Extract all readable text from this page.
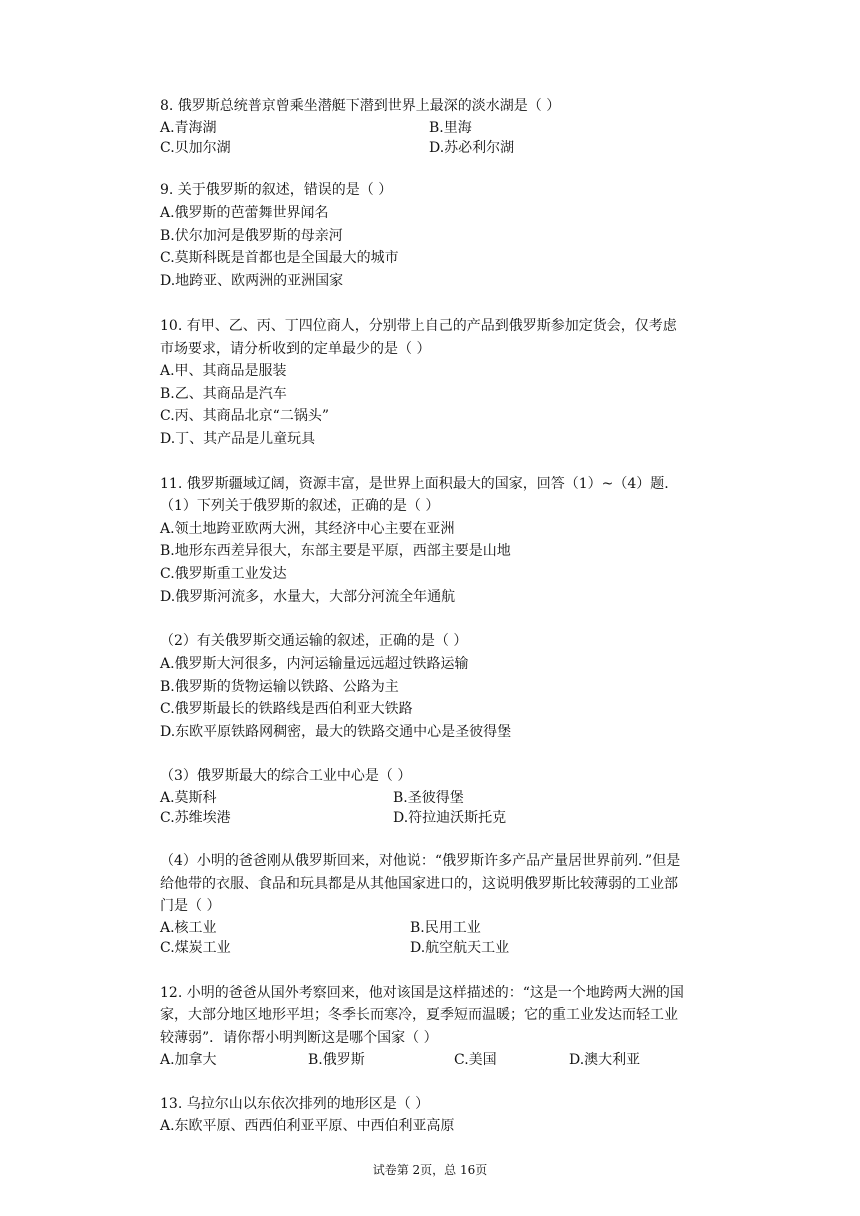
8. 俄罗斯总统普京曾乘坐潜艇下潜到世界上最深的淡水湖是（ ）
A.青海湖	B.里海
C.贝加尔湖	D.苏必利尔湖
9. 关于俄罗斯的叙述，错误的是（ ）
A.俄罗斯的芭蕾舞世界闻名
B.伏尔加河是俄罗斯的母亲河
C.莫斯科既是首都也是全国最大的城市
D.地跨亚、欧两洲的亚洲国家
10. 有甲、乙、丙、丁四位商人，分别带上自己的产品到俄罗斯参加定货会，仅考虑
市场要求，请分析收到的定单最少的是（ ）
A.甲、其商品是服装
B.乙、其商品是汽车
C.丙、其商品北京“二锅头”
D.丁、其产品是儿童玩具
11. 俄罗斯疆域辽阔，资源丰富，是世界上面积最大的国家，回答（1）~（4）题.
（1）下列关于俄罗斯的叙述，正确的是（ ）
A.领土地跨亚欧两大洲，其经济中心主要在亚洲
B.地形东西差异很大，东部主要是平原，西部主要是山地
C.俄罗斯重工业发达
D.俄罗斯河流多，水量大，大部分河流全年通航
（2）有关俄罗斯交通运输的叙述，正确的是（ ）
A.俄罗斯大河很多，内河运输量远远超过铁路运输
B.俄罗斯的货物运输以铁路、公路为主
C.俄罗斯最长的铁路线是西伯利亚大铁路
D.东欧平原铁路网稠密，最大的铁路交通中心是圣彼得堡
（3）俄罗斯最大的综合工业中心是（ ）
A.莫斯科	B.圣彼得堡
C.苏维埃港	D.符拉迪沃斯托克
（4）小明的爸爸刚从俄罗斯回来，对他说：“俄罗斯许多产品产量居世界前列．”但是
给他带的衣服、食品和玩具都是从其他国家进口的，这说明俄罗斯比较薄弱的工业部
门是（ ）
A.核工业	B.民用工业
C.煤炭工业	D.航空航天工业
12. 小明的爸爸从国外考察回来，他对该国是这样描述的：“这是一个地跨两大洲的国
家，大部分地区地形平坦；冬季长而寒冷，夏季短而温暖；它的重工业发达而轻工业
较薄弱”．请你帮小明判断这是哪个国家（ ）
A.加拿大	B.俄罗斯	C.美国	D.澳大利亚
13. 乌拉尔山以东依次排列的地形区是（ ）
A.东欧平原、西西伯利亚平原、中西伯利亚高原
试卷第 2页，总 16页
